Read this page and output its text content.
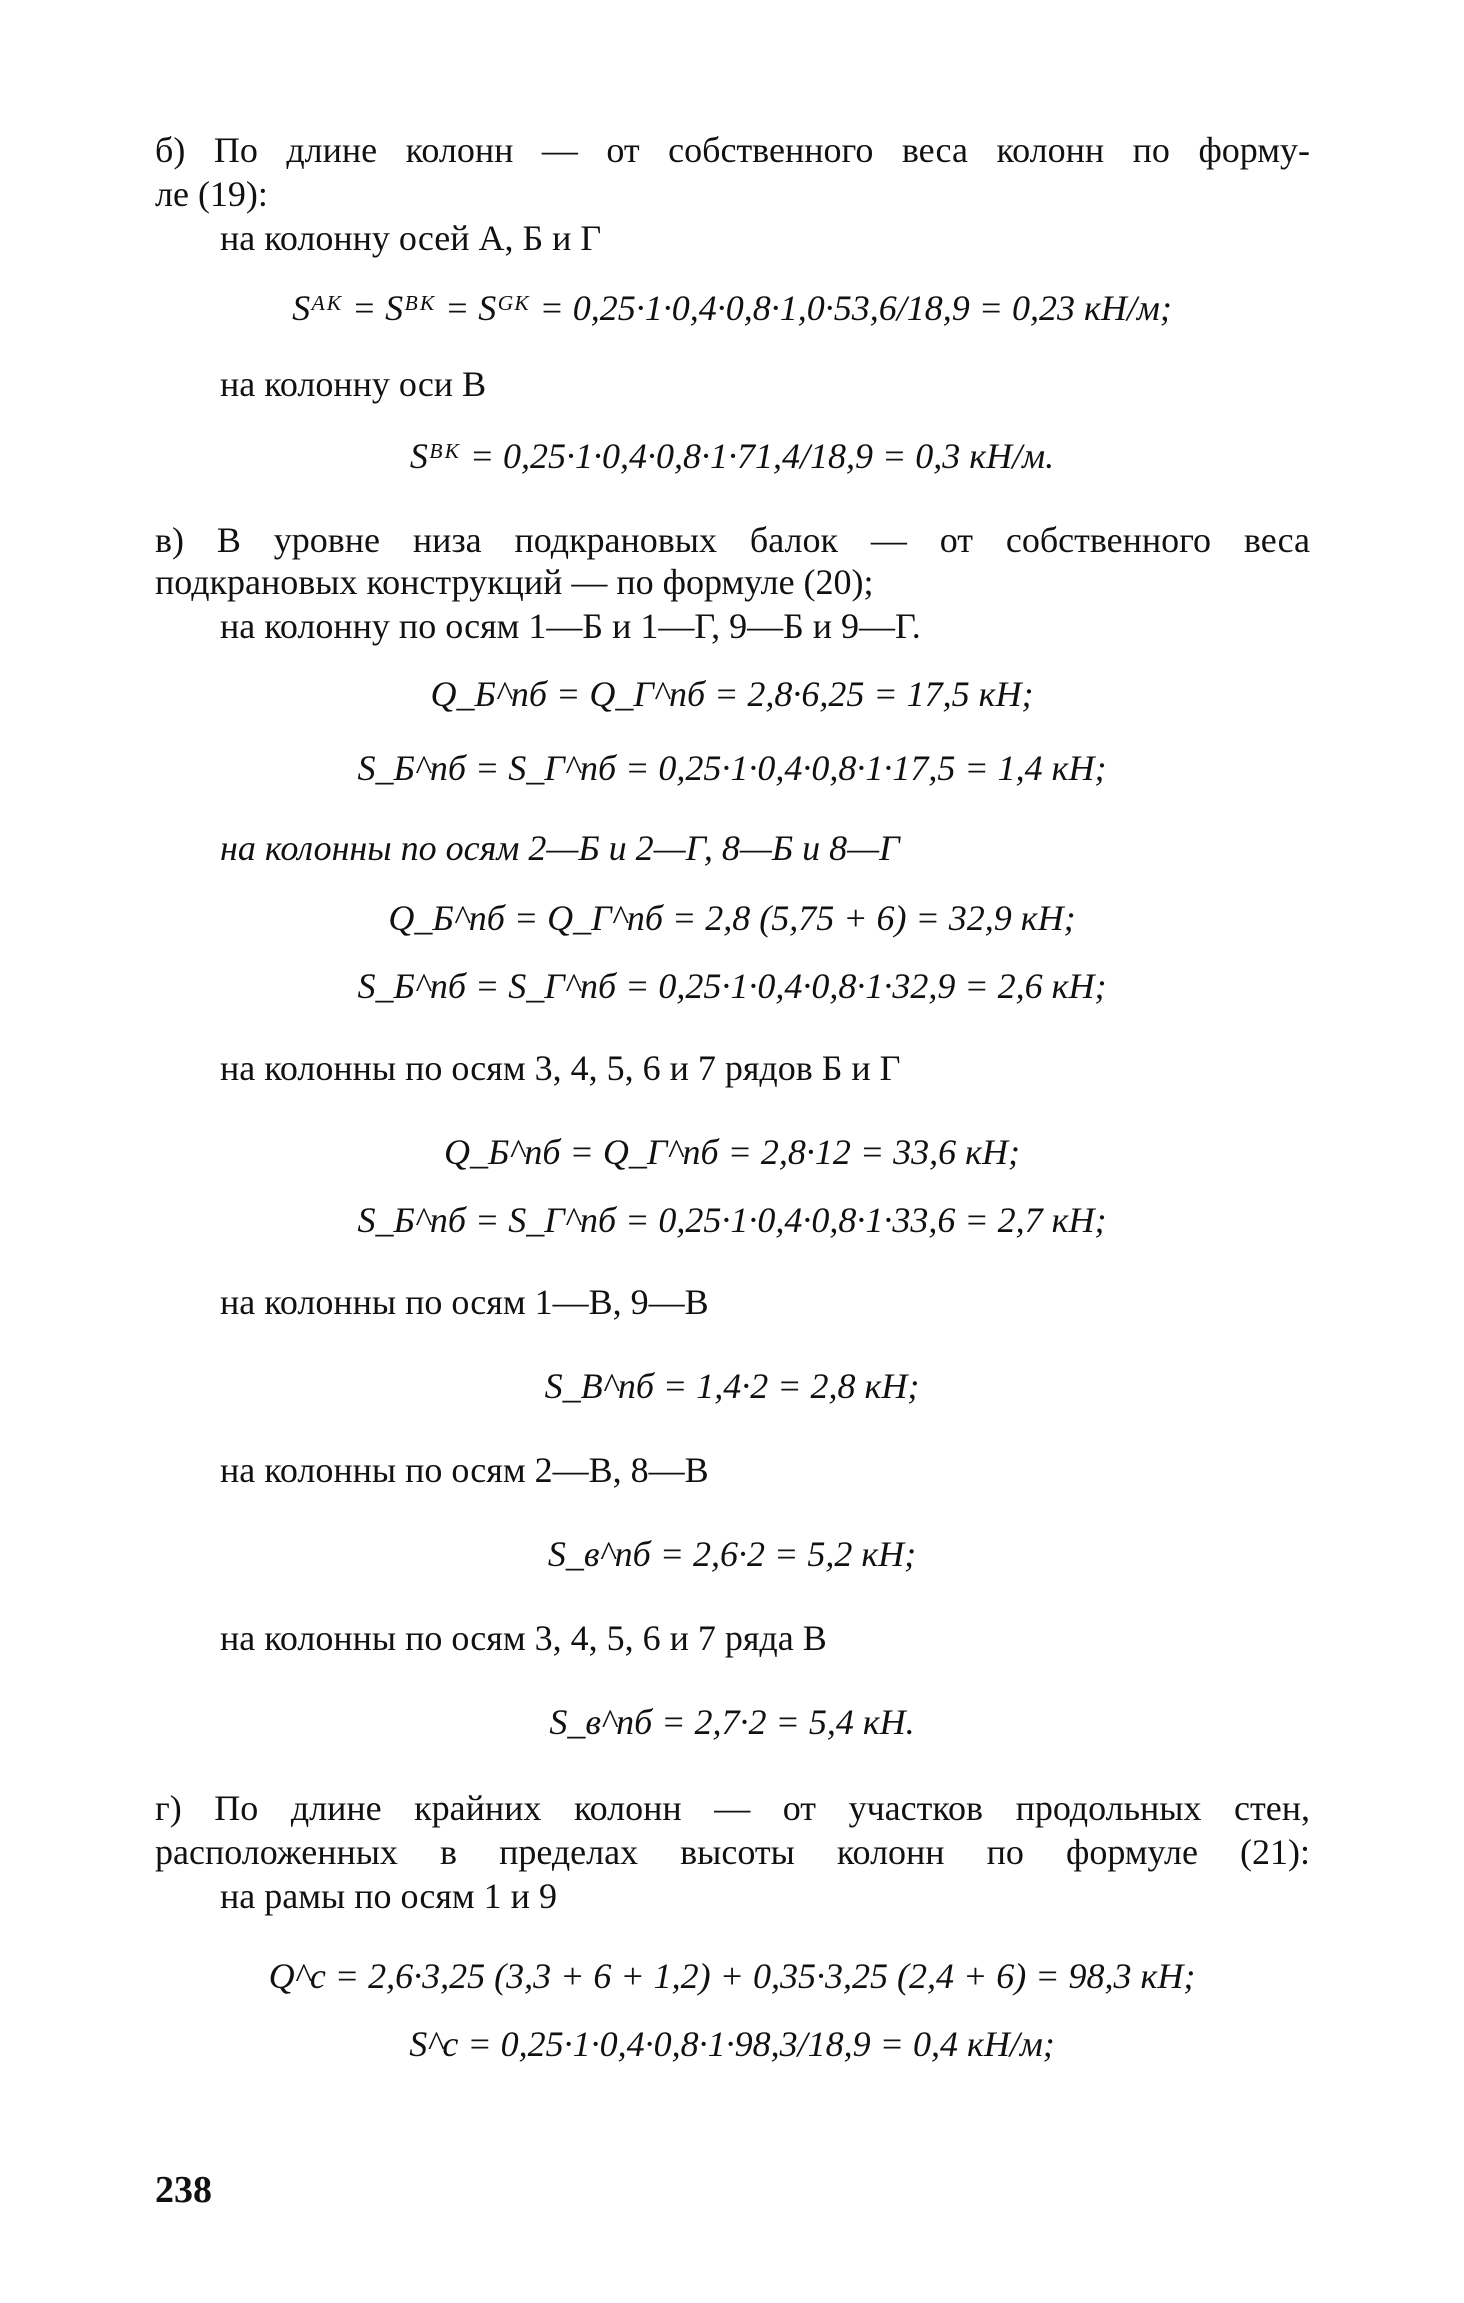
б) По длине колонн — от собственного веса колонн по форму-
ле (19):
на колонну осей А, Б и Г
Sᴬᴷ = Sᴮᴷ = Sᴳᴷ = 0,25·1·0,4·0,8·1,0·53,6/18,9 = 0,23 кН/м;
на колонну оси В
Sᴮᴷ = 0,25·1·0,4·0,8·1·71,4/18,9 = 0,3 кН/м.
в) В уровне низа подкрановых балок — от собственного веса
подкрановых конструкций — по формуле (20);
на колонну по осям 1—Б и 1—Г, 9—Б и 9—Г.
Q_Б^пб = Q_Г^пб = 2,8·6,25 = 17,5 кН;
S_Б^пб = S_Г^пб = 0,25·1·0,4·0,8·1·17,5 = 1,4 кН;
на колонны по осям 2—Б и 2—Г, 8—Б и 8—Г
Q_Б^пб = Q_Г^пб = 2,8 (5,75 + 6) = 32,9 кН;
S_Б^пб = S_Г^пб = 0,25·1·0,4·0,8·1·32,9 = 2,6 кН;
на колонны по осям 3, 4, 5, 6 и 7 рядов Б и Г
Q_Б^пб = Q_Г^пб = 2,8·12 = 33,6 кН;
S_Б^пб = S_Г^пб = 0,25·1·0,4·0,8·1·33,6 = 2,7 кН;
на колонны по осям 1—В, 9—В
S_В^пб = 1,4·2 = 2,8 кН;
на колонны по осям 2—В, 8—В
S_в^пб = 2,6·2 = 5,2 кН;
на колонны по осям 3, 4, 5, 6 и 7 ряда В
S_в^пб = 2,7·2 = 5,4 кН.
г) По длине крайних колонн — от участков продольных стен,
расположенных в пределах высоты колонн по формуле (21):
на рамы по осям 1 и 9
Q^с = 2,6·3,25 (3,3 + 6 + 1,2) + 0,35·3,25 (2,4 + 6) = 98,3 кН;
S^с = 0,25·1·0,4·0,8·1·98,3/18,9 = 0,4 кН/м;
238
